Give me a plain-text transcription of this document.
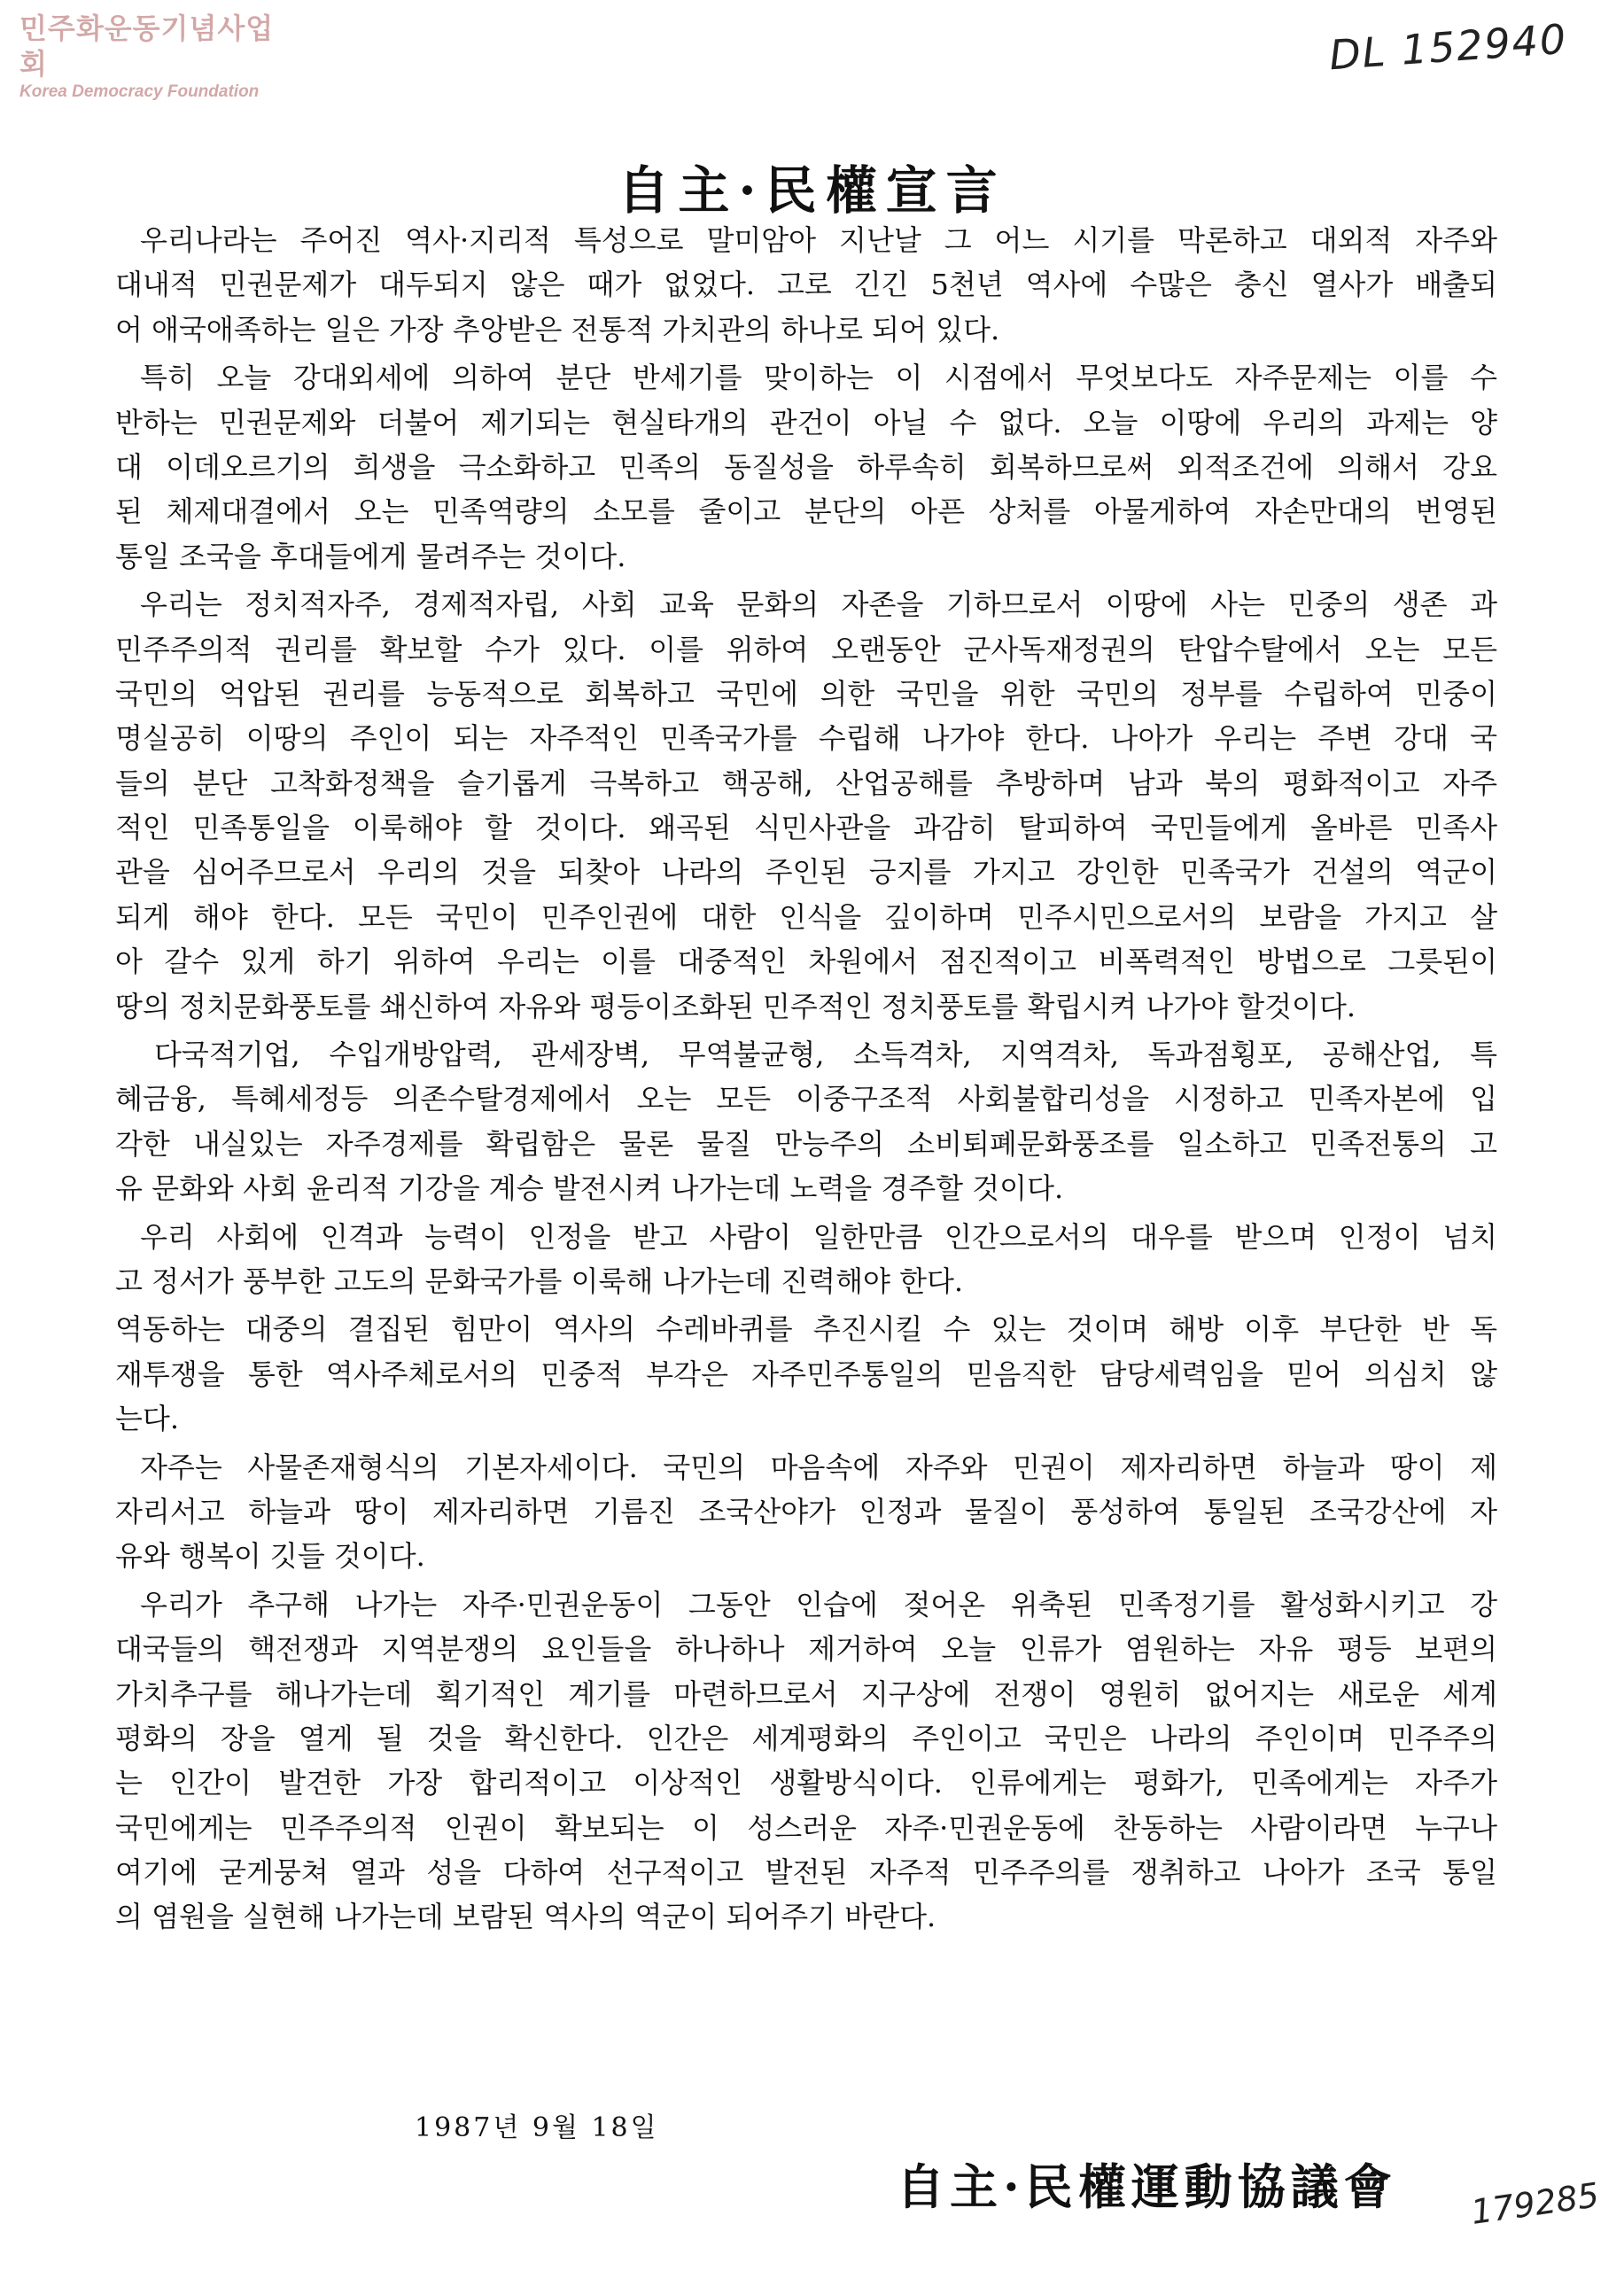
민주화운동기념사업회
Korea Democracy Foundation
DL 152940
自主·民權宣言
우리나라는 주어진 역사·지리적 특성으로 말미암아 지난날 그 어느 시기를 막론하고 대외적 자주와
대내적 민권문제가 대두되지 않은 때가 없었다. 고로 긴긴 5천년 역사에 수많은 충신 열사가 배출되
어 애국애족하는 일은 가장 추앙받은 전통적 가치관의 하나로 되어 있다.
특히 오늘 강대외세에 의하여 분단 반세기를 맞이하는 이 시점에서 무엇보다도 자주문제는 이를 수
반하는 민권문제와 더불어 제기되는 현실타개의 관건이 아닐 수 없다. 오늘 이땅에 우리의 과제는 양
대 이데오르기의 희생을 극소화하고 민족의 동질성을 하루속히 회복하므로써 외적조건에 의해서 강요
된 체제대결에서 오는 민족역량의 소모를 줄이고 분단의 아픈 상처를 아물게하여 자손만대의 번영된
통일 조국을 후대들에게 물려주는 것이다.
우리는 정치적자주, 경제적자립, 사회 교육 문화의 자존을 기하므로서 이땅에 사는 민중의 생존 과
민주주의적 권리를 확보할 수가 있다. 이를 위하여 오랜동안 군사독재정권의 탄압수탈에서 오는 모든
국민의 억압된 권리를 능동적으로 회복하고 국민에 의한 국민을 위한 국민의 정부를 수립하여 민중이
명실공히 이땅의 주인이 되는 자주적인 민족국가를 수립해 나가야 한다. 나아가 우리는 주변 강대 국
들의 분단 고착화정책을 슬기롭게 극복하고 핵공해, 산업공해를 추방하며 남과 북의 평화적이고 자주
적인 민족통일을 이룩해야 할 것이다. 왜곡된 식민사관을 과감히 탈피하여 국민들에게 올바른 민족사
관을 심어주므로서 우리의 것을 되찾아 나라의 주인된 긍지를 가지고 강인한 민족국가 건설의 역군이
되게 해야 한다. 모든 국민이 민주인권에 대한 인식을 깊이하며 민주시민으로서의 보람을 가지고 살
아 갈수 있게 하기 위하여 우리는 이를 대중적인 차원에서 점진적이고 비폭력적인 방법으로 그릇된이
땅의 정치문화풍토를 쇄신하여 자유와 평등이조화된 민주적인 정치풍토를 확립시켜 나가야 할것이다.
다국적기업, 수입개방압력, 관세장벽, 무역불균형, 소득격차, 지역격차, 독과점횡포, 공해산업, 특
혜금융, 특혜세정등 의존수탈경제에서 오는 모든 이중구조적 사회불합리성을 시정하고 민족자본에 입
각한 내실있는 자주경제를 확립함은 물론 물질 만능주의 소비퇴폐문화풍조를 일소하고 민족전통의 고
유 문화와 사회 윤리적 기강을 계승 발전시켜 나가는데 노력을 경주할 것이다.
우리 사회에 인격과 능력이 인정을 받고 사람이 일한만큼 인간으로서의 대우를 받으며 인정이 넘치
고 정서가 풍부한 고도의 문화국가를 이룩해 나가는데 진력해야 한다.
역동하는 대중의 결집된 힘만이 역사의 수레바퀴를 추진시킬 수 있는 것이며 해방 이후 부단한 반 독
재투쟁을 통한 역사주체로서의 민중적 부각은 자주민주통일의 믿음직한 담당세력임을 믿어 의심치 않
는다.
자주는 사물존재형식의 기본자세이다. 국민의 마음속에 자주와 민권이 제자리하면 하늘과 땅이 제
자리서고 하늘과 땅이 제자리하면 기름진 조국산야가 인정과 물질이 풍성하여 통일된 조국강산에 자
유와 행복이 깃들 것이다.
우리가 추구해 나가는 자주·민권운동이 그동안 인습에 젖어온 위축된 민족정기를 활성화시키고 강
대국들의 핵전쟁과 지역분쟁의 요인들을 하나하나 제거하여 오늘 인류가 염원하는 자유 평등 보편의
가치추구를 해나가는데 획기적인 계기를 마련하므로서 지구상에 전쟁이 영원히 없어지는 새로운 세계
평화의 장을 열게 될 것을 확신한다. 인간은 세계평화의 주인이고 국민은 나라의 주인이며 민주주의
는 인간이 발견한 가장 합리적이고 이상적인 생활방식이다. 인류에게는 평화가, 민족에게는 자주가
국민에게는 민주주의적 인권이 확보되는 이 성스러운 자주·민권운동에 찬동하는 사람이라면 누구나
여기에 굳게뭉쳐 열과 성을 다하여 선구적이고 발전된 자주적 민주주의를 쟁취하고 나아가 조국 통일
의 염원을 실현해 나가는데 보람된 역사의 역군이 되어주기 바란다.
1987년 9월 18일
自主·民權運動協議會 179285
